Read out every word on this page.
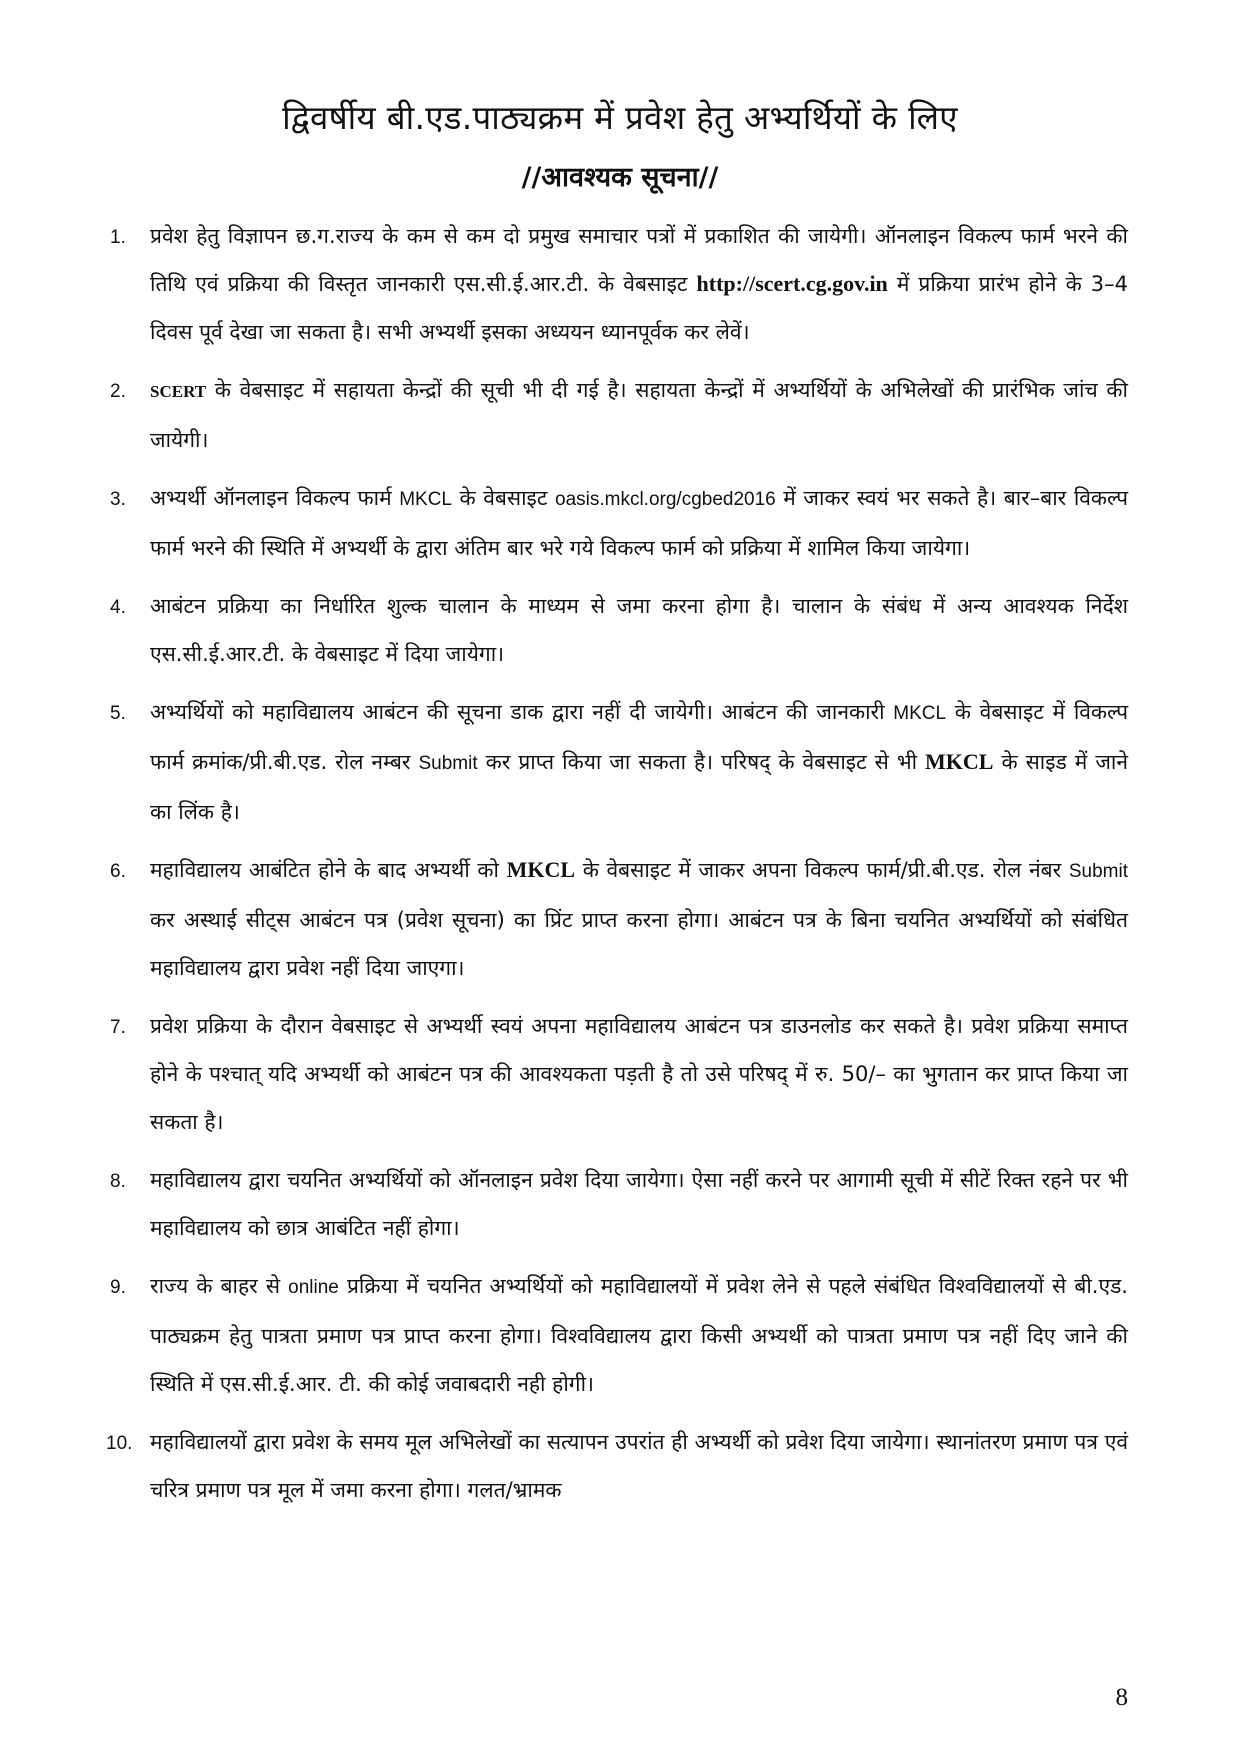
द्विवर्षीय बी.एड.पाठ्यक्रम में प्रवेश हेतु अभ्यर्थियों के लिए
//आवश्यक सूचना//
1. प्रवेश हेतु विज्ञापन छ.ग.राज्य के कम से कम दो प्रमुख समाचार पत्रों में प्रकाशित की जायेगी। ऑनलाइन विकल्प फार्म भरने की तिथि एवं प्रक्रिया की विस्तृत जानकारी एस.सी.ई.आर.टी. के वेबसाइट http://scert.cg.gov.in में प्रक्रिया प्रारंभ होने के 3–4 दिवस पूर्व देखा जा सकता है। सभी अभ्यर्थी इसका अध्ययन ध्यानपूर्वक कर लेवें।

2. SCERT के वेबसाइट में सहायता केन्द्रों की सूची भी दी गई है। सहायता केन्द्रों में अभ्यर्थियों के अभिलेखों की प्रारंभिक जांच की जायेगी।

3. अभ्यर्थी ऑनलाइन विकल्प फार्म MKCL के वेबसाइट oasis.mkcl.org/cgbed2016 में जाकर स्वयं भर सकते है। बार–बार विकल्प फार्म भरने की स्थिति में अभ्यर्थी के द्वारा अंतिम बार भरे गये विकल्प फार्म को प्रक्रिया में शामिल किया जायेगा।

4. आबंटन प्रक्रिया का निर्धारित शुल्क चालान के माध्यम से जमा करना होगा है। चालान के संबंध में अन्य आवश्यक निर्देश एस.सी.ई.आर.टी. के वेबसाइट में दिया जायेगा।

5. अभ्यर्थियों को महाविद्यालय आबंटन की सूचना डाक द्वारा नहीं दी जायेगी। आबंटन की जानकारी MKCL के वेबसाइट में विकल्प फार्म क्रमांक/प्री.बी.एड. रोल नम्बर Submit कर प्राप्त किया जा सकता है। परिषद् के वेबसाइट से भी MKCL के साइड में जाने का लिंक है।

6. महाविद्यालय आबंटित होने के बाद अभ्यर्थी को MKCL के वेबसाइट में जाकर अपना विकल्प फार्म/प्री.बी.एड. रोल नंबर Submit कर अस्थाई सीट्स आबंटन पत्र (प्रवेश सूचना) का प्रिंट प्राप्त करना होगा। आबंटन पत्र के बिना चयनित अभ्यर्थियों को संबंधित महाविद्यालय द्वारा प्रवेश नहीं दिया जाएगा।

7. प्रवेश प्रक्रिया के दौरान वेबसाइट से अभ्यर्थी स्वयं अपना महाविद्यालय आबंटन पत्र डाउनलोड कर सकते है। प्रवेश प्रक्रिया समाप्त होने के पश्चात् यदि अभ्यर्थी को आबंटन पत्र की आवश्यकता पड़ती है तो उसे परिषद् में रु. 50/– का भुगतान कर प्राप्त किया जा सकता है।

8. महाविद्यालय द्वारा चयनित अभ्यर्थियों को ऑनलाइन प्रवेश दिया जायेगा। ऐसा नहीं करने पर आगामी सूची में सीटें रिक्त रहने पर भी महाविद्यालय को छात्र आबंटित नहीं होगा।

9. राज्य के बाहर से online प्रक्रिया में चयनित अभ्यर्थियों को महाविद्यालयों में प्रवेश लेने से पहले संबंधित विश्वविद्यालयों से बी.एड. पाठ्यक्रम हेतु पात्रता प्रमाण पत्र प्राप्त करना होगा। विश्वविद्यालय द्वारा किसी अभ्यर्थी को पात्रता प्रमाण पत्र नहीं दिए जाने की स्थिति में एस.सी.ई.आर. टी. की कोई जवाबदारी नही होगी।

10. महाविद्यालयों द्वारा प्रवेश के समय मूल अभिलेखों का सत्यापन उपरांत ही अभ्यर्थी को प्रवेश दिया जायेगा। स्थानांतरण प्रमाण पत्र एवं चरित्र प्रमाण पत्र मूल में जमा करना होगा। गलत/भ्रामक

8
